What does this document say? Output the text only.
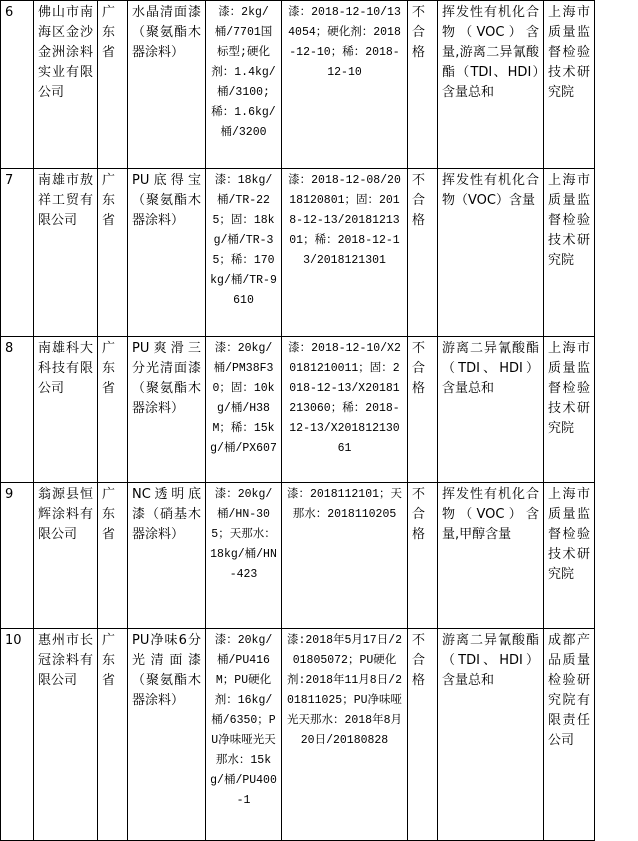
6	佛山市南海区金沙金洲涂料实业有限公司	广东省	水晶清面漆（聚氨酯木器涂料）	漆：2kg/桶/7701国标型;硬化剂：1.4kg/桶/3100;稀：1.6kg/桶/3200	漆：2018-12-10/134054；硬化剂：2018-12-10；稀：2018-12-10	不合格	挥发性有机化合物（VOC）含量,游离二异氰酸酯（TDI、HDI）含量总和	上海市质量监督检验技术研究院
7	南雄市敖祥工贸有限公司	广东省	PU底得宝（聚氨酯木器涂料）	漆：18kg/桶/TR-225；固：18kg/桶/TR-35；稀：170kg/桶/TR-9610	漆：2018-12-08/2018120801；固：2018-12-13/2018121301；稀：2018-12-13/2018121301	不合格	挥发性有机化合物（VOC）含量	上海市质量监督检验技术研究院
8	南雄科大科技有限公司	广东省	PU爽滑三分光清面漆（聚氨酯木器涂料）	漆：20kg/桶/PM38F30；固：10kg/桶/H38M；稀：15kg/桶/PX607	漆：2018-12-10/X20181210011；固：2018-12-13/X20181213060；稀：2018-12-13/X20181213061	不合格	游离二异氰酸酯（TDI、HDI）含量总和	上海市质量监督检验技术研究院
9	翁源县恒辉涂料有限公司	广东省	NC透明底漆（硝基木器涂料）	漆：20kg/桶/HN-305；天那水：18kg/桶/HN-423	漆：2018112101；天那水：2018110205	不合格	挥发性有机化合物（VOC）含量,甲醇含量	上海市质量监督检验技术研究院
10	惠州市长冠涂料有限公司	广东省	PU净味6分光清面漆（聚氨酯木器涂料）	漆：20kg/桶/PU416M；PU硬化剂：16kg/桶/6350；PU净味哑光天那水：15kg/桶/PU400-1	漆:2018年5月17日/201805072；PU硬化剂:2018年11月8日/201811025；PU净味哑光天那水：2018年8月20日/20180828	不合格	游离二异氰酸酯（TDI、HDI）含量总和	成都产品质量检验研究院有限责任公司
